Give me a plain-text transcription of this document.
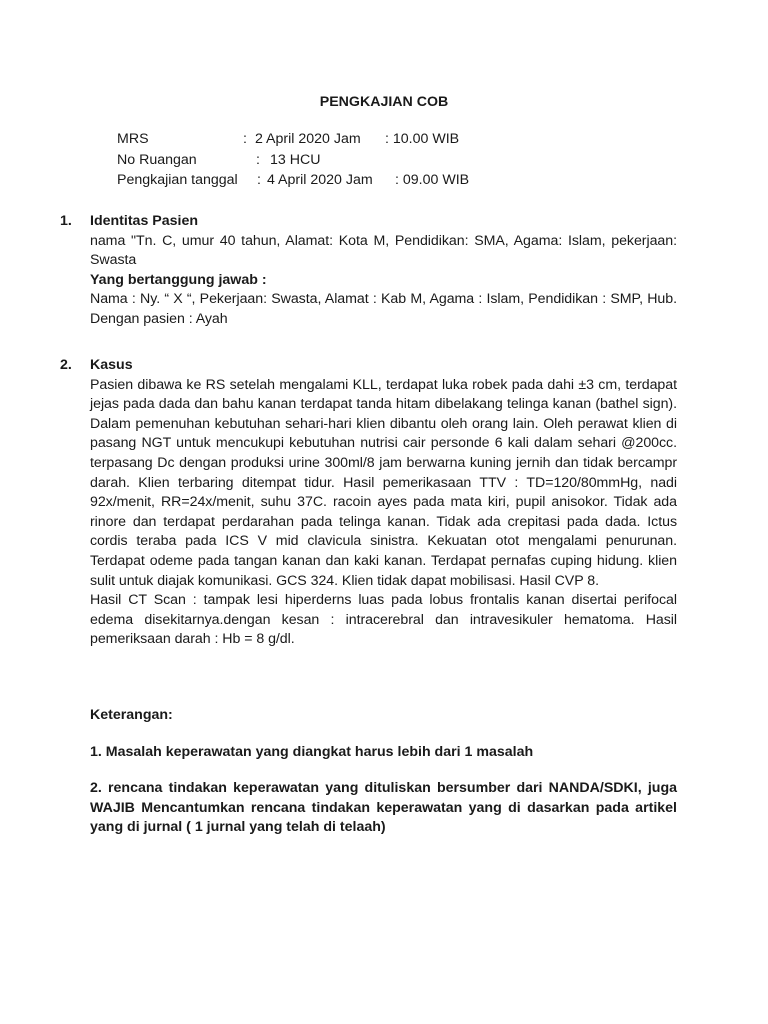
PENGKAJIAN COB
MRS	: 2 April 2020 Jam : 10.00 WIB
No Ruangan	: 13 HCU
Pengkajian tanggal : 4 April 2020 Jam : 09.00 WIB
1. Identitas Pasien
nama "Tn. C, umur 40 tahun, Alamat: Kota M, Pendidikan: SMA, Agama: Islam, pekerjaan: Swasta
Yang bertanggung jawab :
Nama : Ny. “ X “, Pekerjaan: Swasta, Alamat : Kab M, Agama : Islam, Pendidikan : SMP, Hub. Dengan pasien : Ayah
2. Kasus
Pasien dibawa ke RS setelah mengalami KLL, terdapat luka robek pada dahi ±3 cm, terdapat jejas pada dada dan bahu kanan terdapat tanda hitam dibelakang telinga kanan (bathel sign). Dalam pemenuhan kebutuhan sehari-hari klien dibantu oleh orang lain. Oleh perawat klien di pasang NGT untuk mencukupi kebutuhan nutrisi cair personde 6 kali dalam sehari @200cc. terpasang Dc dengan produksi urine 300ml/8 jam berwarna kuning jernih dan tidak bercampr darah. Klien terbaring ditempat tidur. Hasil pemerikasaan TTV : TD=120/80mmHg, nadi 92x/menit, RR=24x/menit, suhu 37C. racoin ayes pada mata kiri, pupil anisokor. Tidak ada rinore dan terdapat perdarahan pada telinga kanan. Tidak ada crepitasi pada dada. Ictus cordis teraba pada ICS V mid clavicula sinistra. Kekuatan otot mengalami penurunan. Terdapat odeme pada tangan kanan dan kaki kanan. Terdapat pernafas cuping hidung. klien sulit untuk diajak komunikasi. GCS 324. Klien tidak dapat mobilisasi. Hasil CVP 8.
Hasil CT Scan : tampak lesi hiperderns luas pada lobus frontalis kanan disertai perifocal edema disekitarnya.dengan kesan : intracerebral dan intravesikuler hematoma. Hasil pemeriksaan darah : Hb = 8 g/dl.

Keterangan:

1. Masalah keperawatan yang diangkat harus lebih dari 1 masalah

2. rencana tindakan keperawatan yang dituliskan bersumber dari NANDA/SDKI, juga WAJIB Mencantumkan rencana tindakan keperawatan yang di dasarkan pada artikel yang di jurnal ( 1 jurnal yang telah di telaah)
